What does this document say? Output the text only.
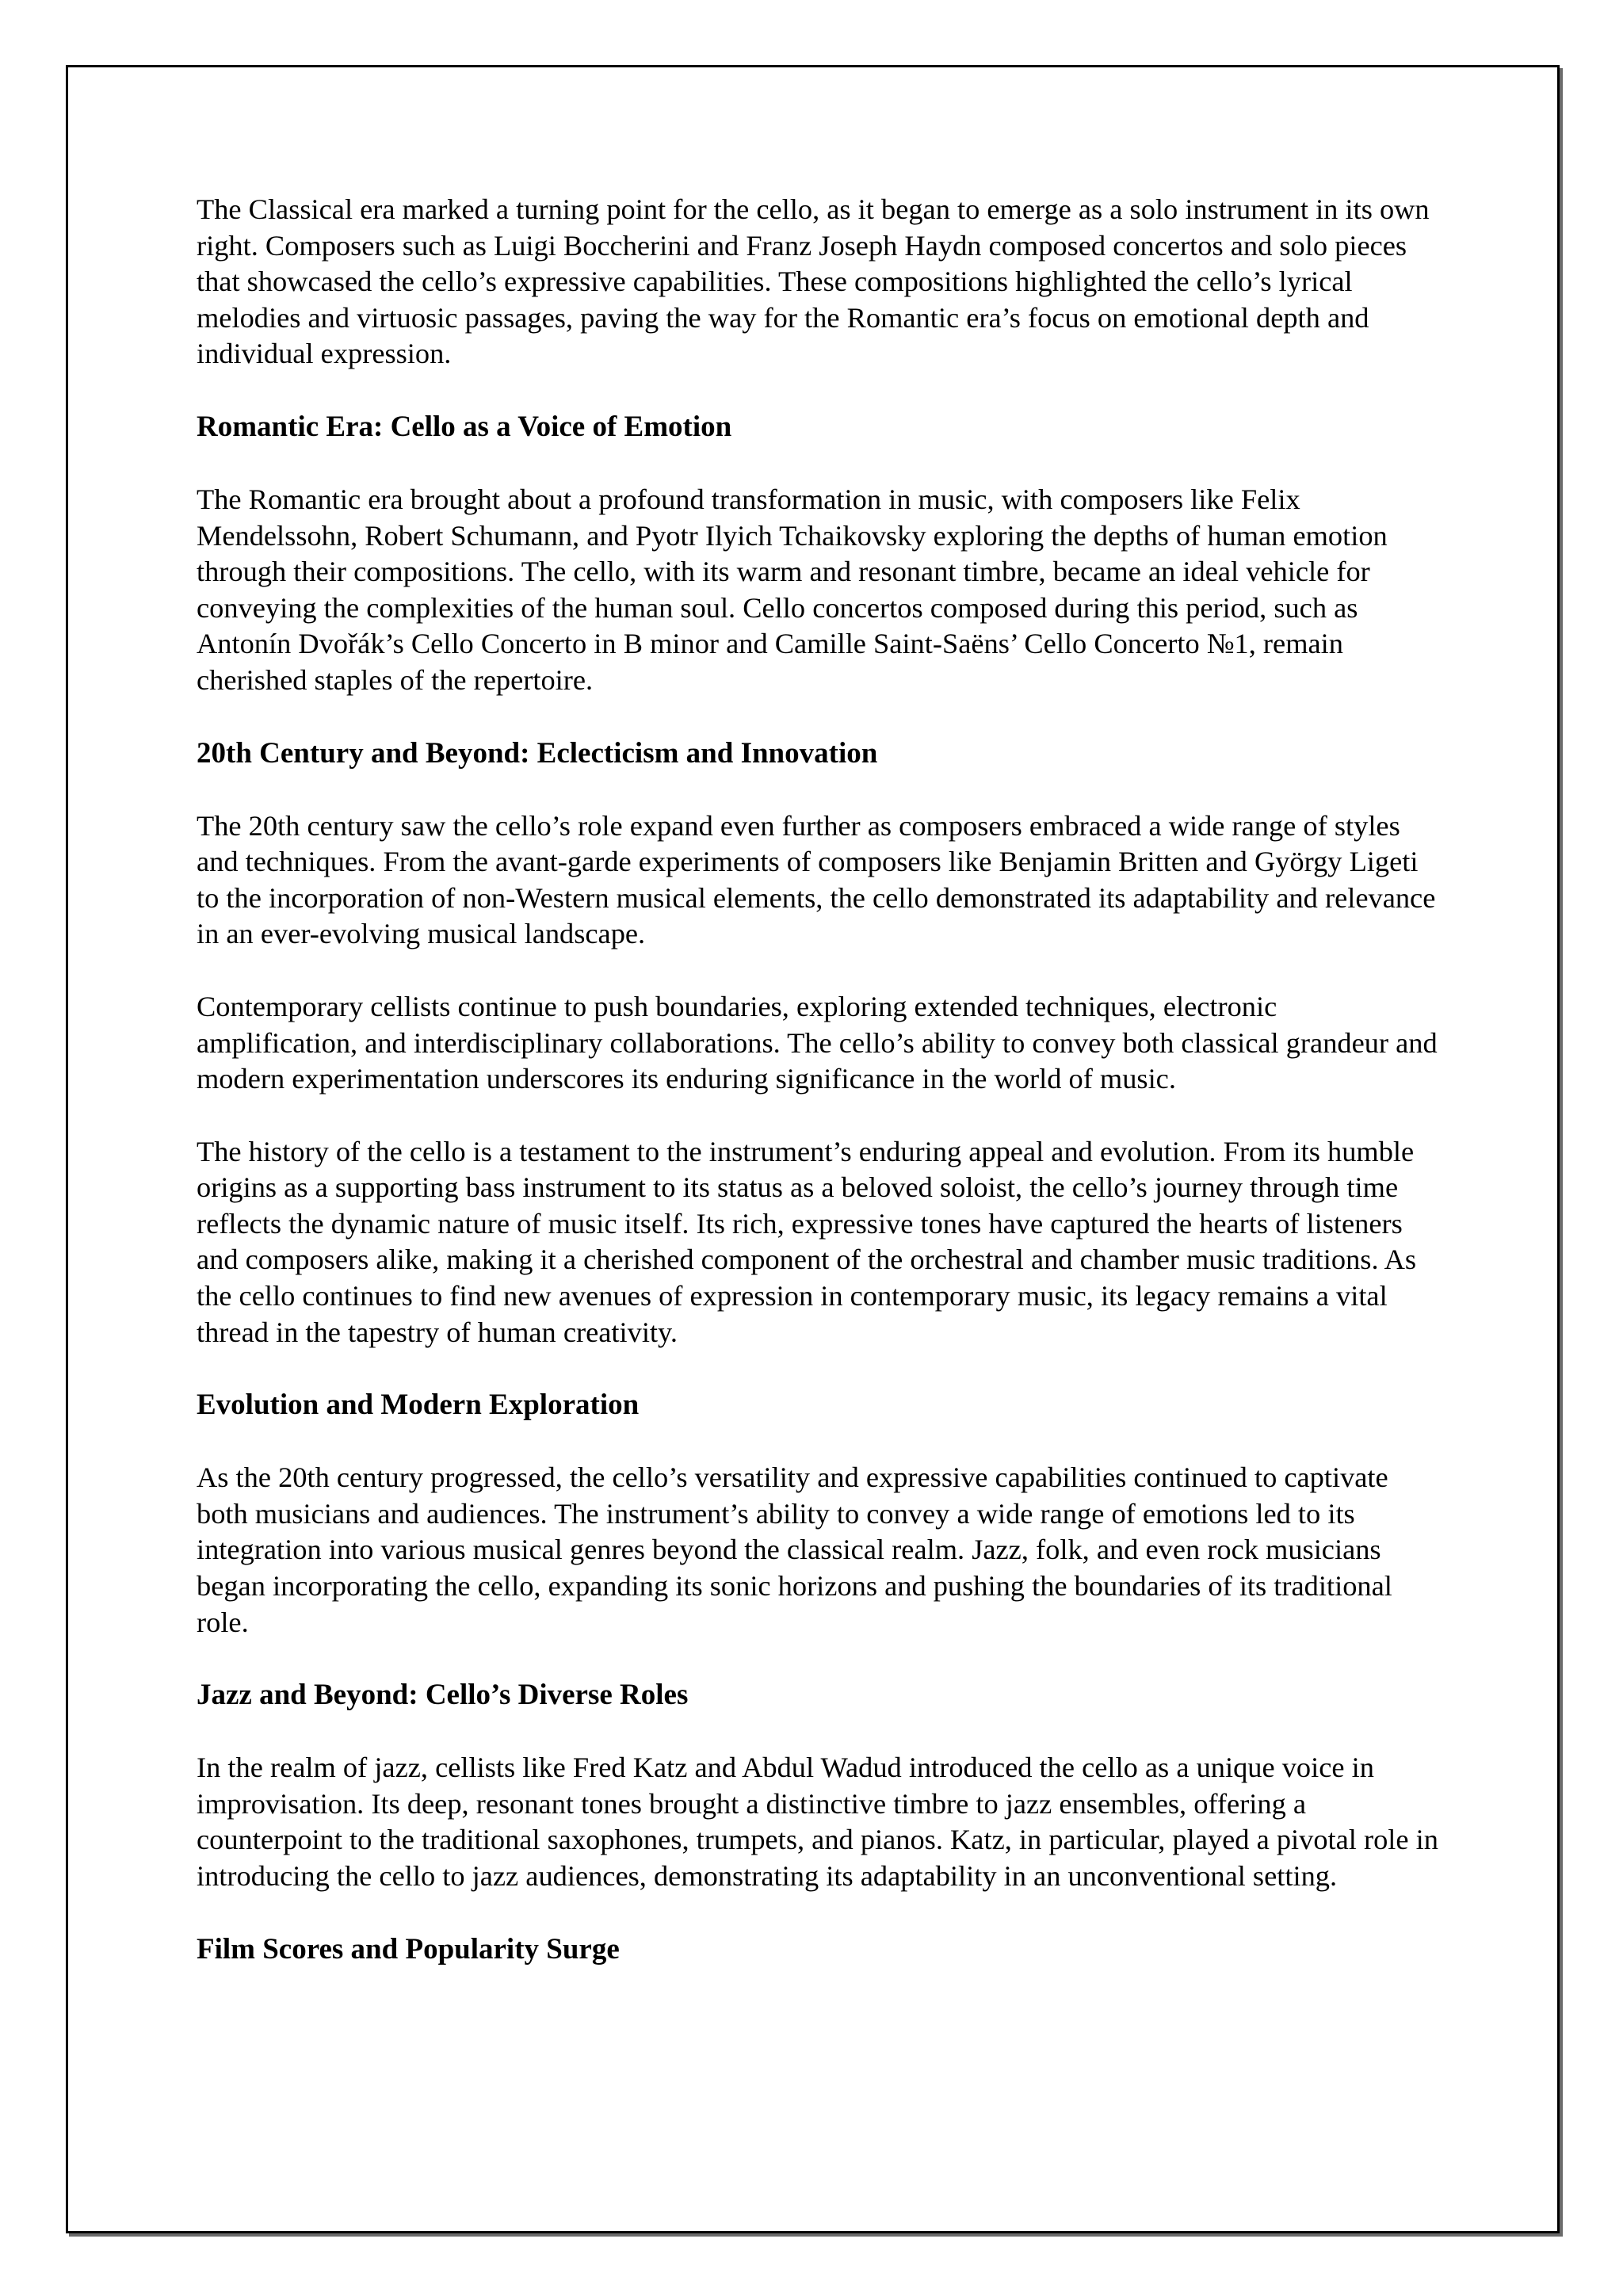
The Classical era marked a turning point for the cello, as it began to emerge as a solo instrument in its own right. Composers such as Luigi Boccherini and Franz Joseph Haydn composed concertos and solo pieces that showcased the cello’s expressive capabilities. These compositions highlighted the cello’s lyrical melodies and virtuosic passages, paving the way for the Romantic era’s focus on emotional depth and individual expression.

Romantic Era: Cello as a Voice of Emotion

The Romantic era brought about a profound transformation in music, with composers like Felix Mendelssohn, Robert Schumann, and Pyotr Ilyich Tchaikovsky exploring the depths of human emotion through their compositions. The cello, with its warm and resonant timbre, became an ideal vehicle for conveying the complexities of the human soul. Cello concertos composed during this period, such as Antonín Dvořák’s Cello Concerto in B minor and Camille Saint-Saëns’ Cello Concerto №1, remain cherished staples of the repertoire.

20th Century and Beyond: Eclecticism and Innovation

The 20th century saw the cello’s role expand even further as composers embraced a wide range of styles and techniques. From the avant-garde experiments of composers like Benjamin Britten and György Ligeti to the incorporation of non-Western musical elements, the cello demonstrated its adaptability and relevance in an ever-evolving musical landscape.

Contemporary cellists continue to push boundaries, exploring extended techniques, electronic amplification, and interdisciplinary collaborations. The cello’s ability to convey both classical grandeur and modern experimentation underscores its enduring significance in the world of music.

The history of the cello is a testament to the instrument’s enduring appeal and evolution. From its humble origins as a supporting bass instrument to its status as a beloved soloist, the cello’s journey through time reflects the dynamic nature of music itself. Its rich, expressive tones have captured the hearts of listeners and composers alike, making it a cherished component of the orchestral and chamber music traditions. As the cello continues to find new avenues of expression in contemporary music, its legacy remains a vital thread in the tapestry of human creativity.

Evolution and Modern Exploration

As the 20th century progressed, the cello’s versatility and expressive capabilities continued to captivate both musicians and audiences. The instrument’s ability to convey a wide range of emotions led to its integration into various musical genres beyond the classical realm. Jazz, folk, and even rock musicians began incorporating the cello, expanding its sonic horizons and pushing the boundaries of its traditional role.

Jazz and Beyond: Cello’s Diverse Roles

In the realm of jazz, cellists like Fred Katz and Abdul Wadud introduced the cello as a unique voice in improvisation. Its deep, resonant tones brought a distinctive timbre to jazz ensembles, offering a counterpoint to the traditional saxophones, trumpets, and pianos. Katz, in particular, played a pivotal role in introducing the cello to jazz audiences, demonstrating its adaptability in an unconventional setting.

Film Scores and Popularity Surge
